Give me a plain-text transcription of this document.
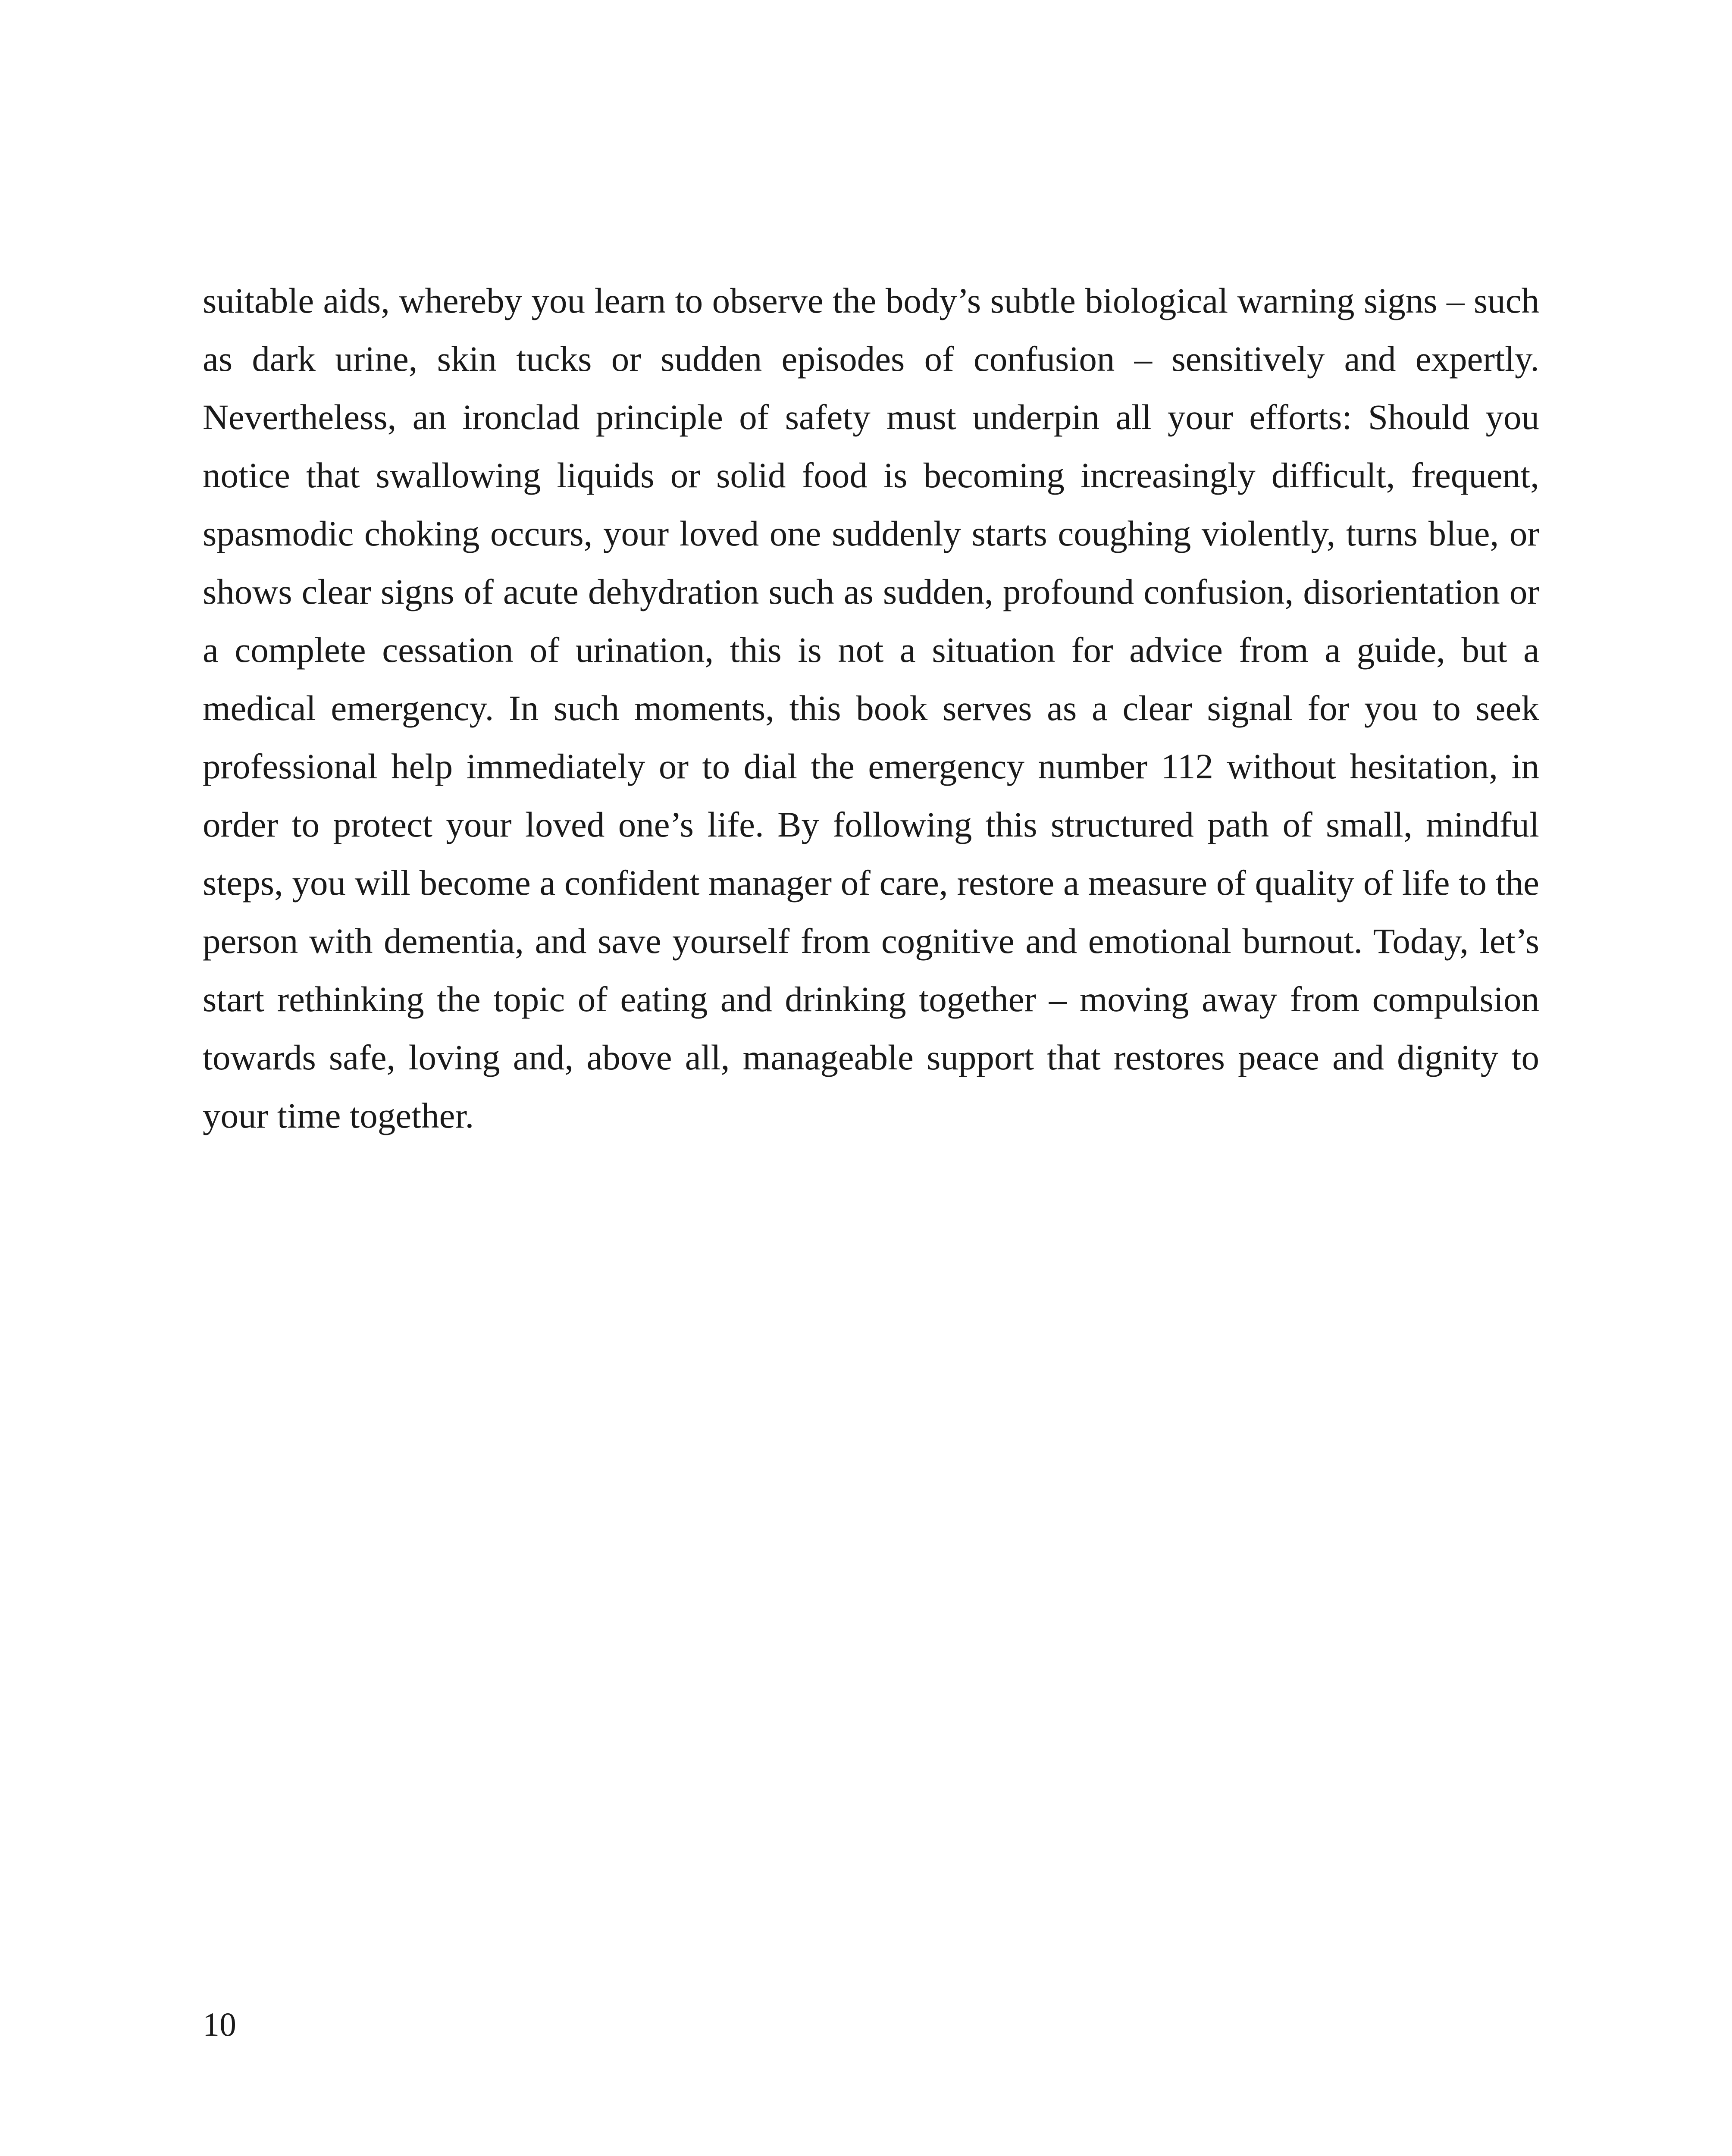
suitable aids, whereby you learn to observe the body’s subtle biological warning signs – such as dark urine, skin tucks or sudden episodes of confusion – sensitively and expertly. Nevertheless, an ironclad principle of safety must underpin all your efforts: Should you notice that swallowing liquids or solid food is becoming increasingly difficult, frequent, spasmodic choking occurs, your loved one suddenly starts coughing violently, turns blue, or shows clear signs of acute dehydration such as sudden, profound confusion, disorientation or a complete cessation of urination, this is not a situation for advice from a guide, but a medical emergency. In such moments, this book serves as a clear signal for you to seek professional help immediately or to dial the emergency number 112 without hesitation, in order to protect your loved one’s life. By following this structured path of small, mindful steps, you will become a confident manager of care, restore a measure of quality of life to the person with dementia, and save yourself from cognitive and emotional burnout. Today, let’s start rethinking the topic of eating and drinking together – moving away from compulsion towards safe, loving and, above all, manageable support that restores peace and dignity to your time together.

10
